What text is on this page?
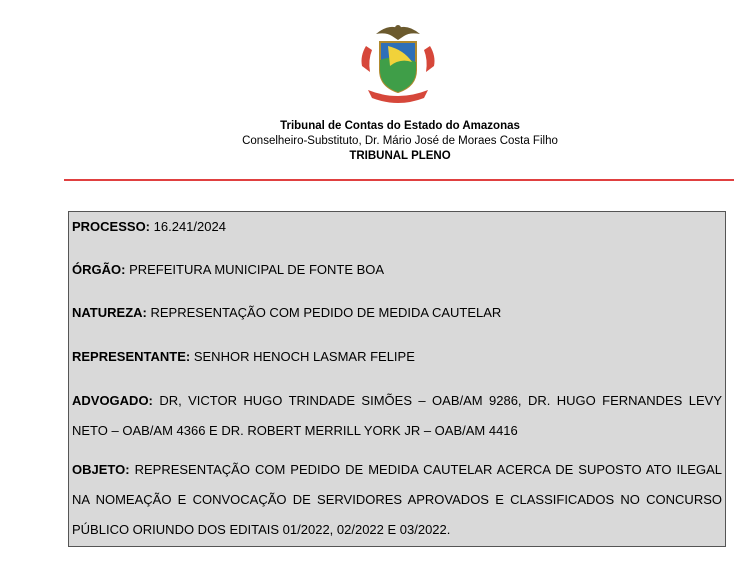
Tribunal de Contas do Estado do Amazonas
Conselheiro-Substituto, Dr. Mário José de Moraes Costa Filho
TRIBUNAL PLENO
PROCESSO: 16.241/2024
ÓRGÃO: PREFEITURA MUNICIPAL DE FONTE BOA
NATUREZA: REPRESENTAÇÃO COM PEDIDO DE MEDIDA CAUTELAR
REPRESENTANTE: SENHOR HENOCH LASMAR FELIPE
ADVOGADO: DR, VICTOR HUGO TRINDADE SIMÕES – OAB/AM 9286, DR. HUGO FERNANDES LEVY NETO – OAB/AM 4366 E DR. ROBERT MERRILL YORK JR – OAB/AM 4416
OBJETO: REPRESENTAÇÃO COM PEDIDO DE MEDIDA CAUTELAR ACERCA DE SUPOSTO ATO ILEGAL NA NOMEAÇÃO E CONVOCAÇÃO DE SERVIDORES APROVADOS E CLASSIFICADOS NO CONCURSO PÚBLICO ORIUNDO DOS EDITAIS 01/2022, 02/2022 E 03/2022.
